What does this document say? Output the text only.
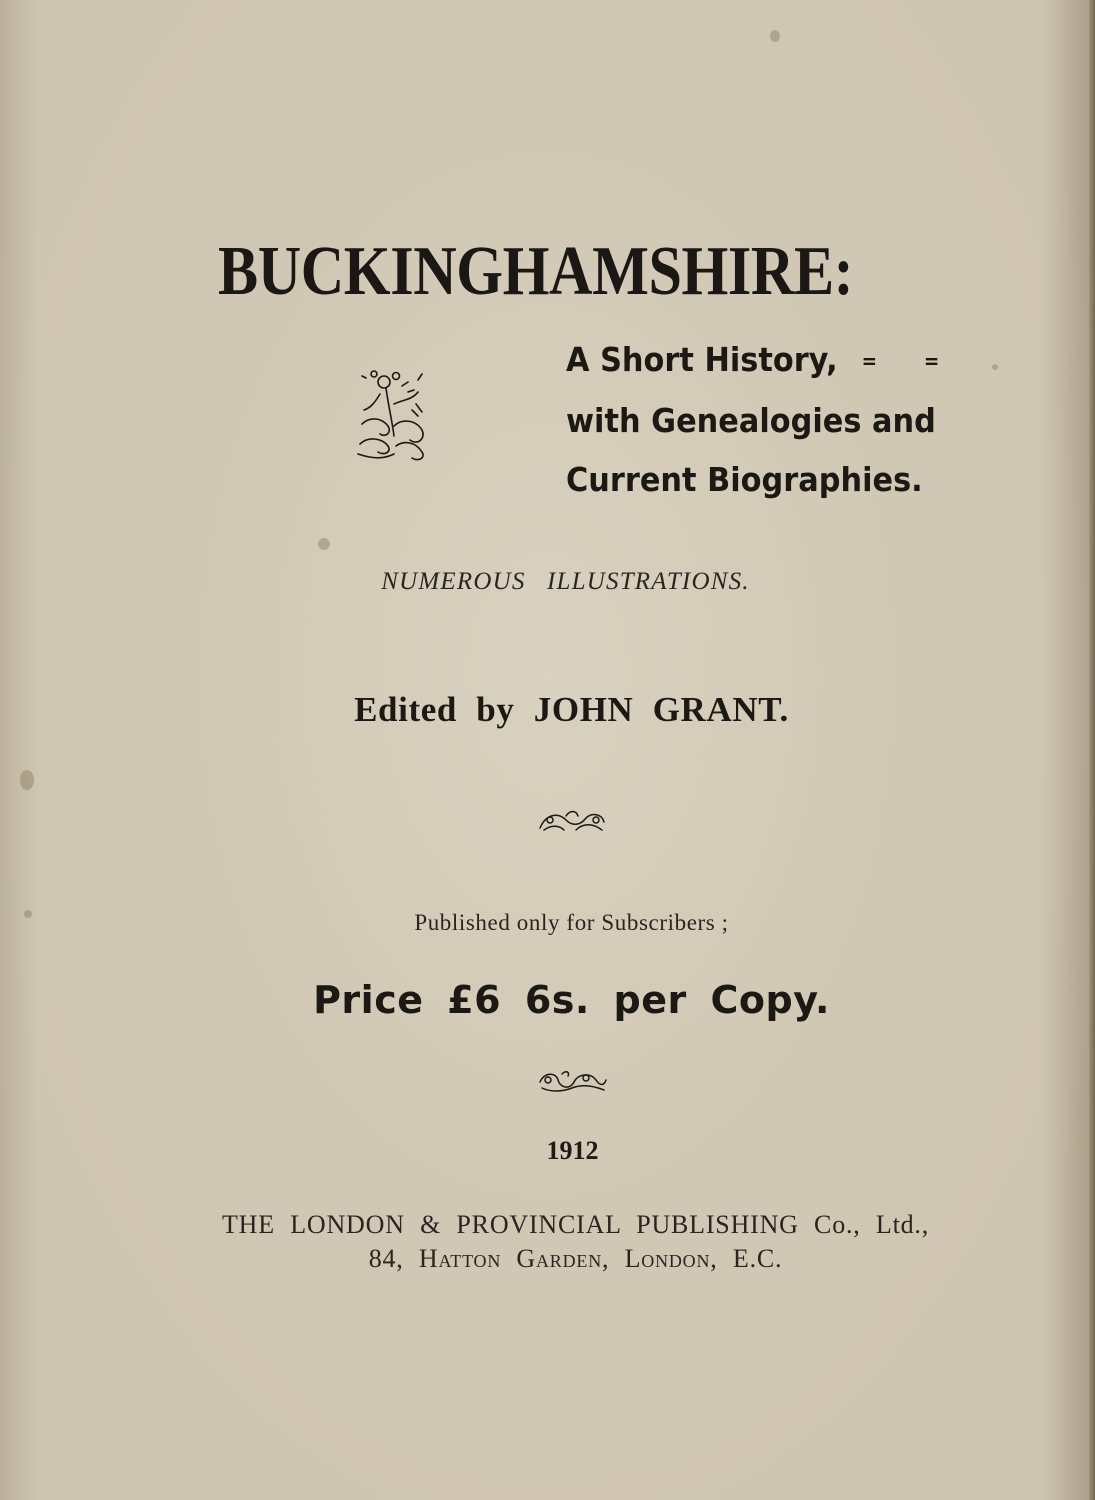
BUCKINGHAMSHIRE:
A Short History, = =
with Genealogies and
Current Biographies.
NUMEROUS ILLUSTRATIONS.
Edited by JOHN GRANT.
Published only for Subscribers ;
Price £6 6s. per Copy.
1912
THE LONDON & PROVINCIAL PUBLISHING Co., Ltd.,
84, Hatton Garden, London, E.C.
